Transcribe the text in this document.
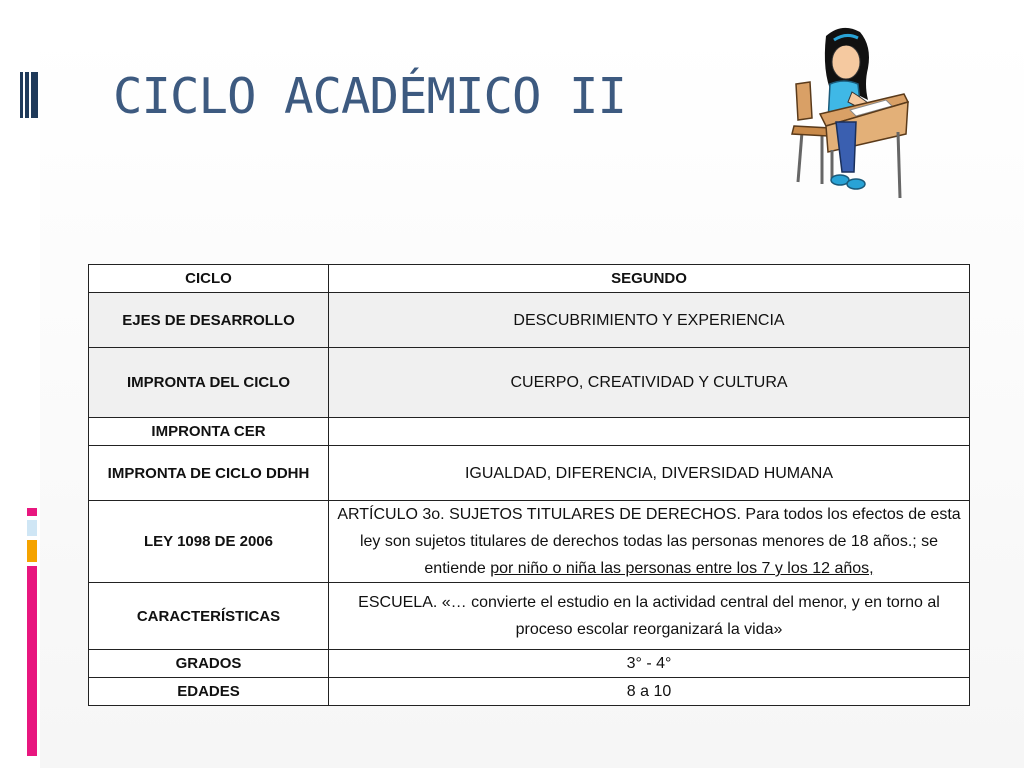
CICLO ACADÉMICO II
CICLO	SEGUNDO
EJES DE DESARROLLO	DESCUBRIMIENTO Y EXPERIENCIA
IMPRONTA DEL CICLO	CUERPO, CREATIVIDAD Y CULTURA
IMPRONTA CER	
IMPRONTA DE CICLO DDHH	IGUALDAD, DIFERENCIA, DIVERSIDAD HUMANA
LEY 1098 DE 2006	ARTÍCULO 3o. SUJETOS TITULARES DE DERECHOS. Para todos los efectos de esta ley son sujetos titulares de derechos todas las personas menores de 18 años.; se entiende por niño o niña las personas entre los 7 y los 12 años,
CARACTERÍSTICAS	ESCUELA. «… convierte el estudio en la actividad central del menor, y en torno al proceso escolar reorganizará la vida»
GRADOS	3° - 4°
EDADES	8 a 10
